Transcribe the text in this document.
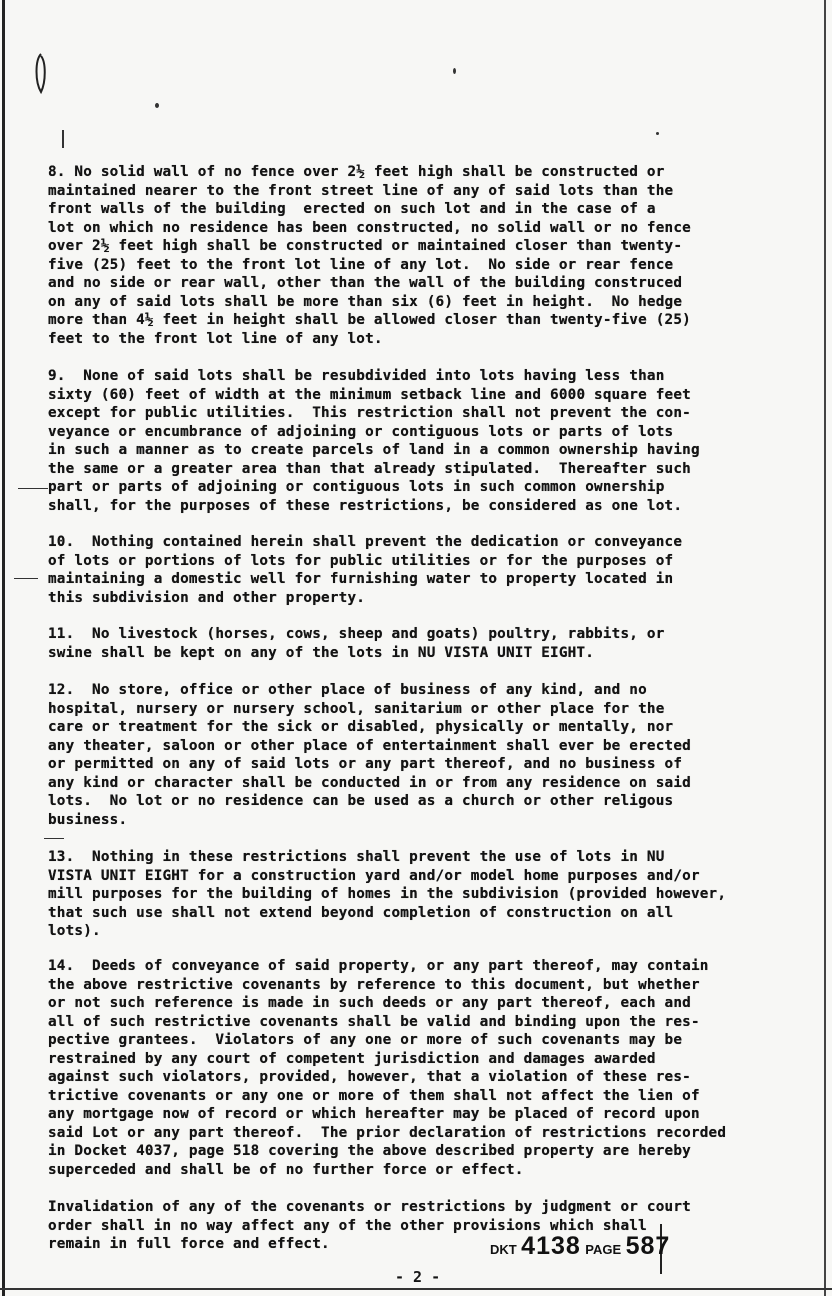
8. No solid wall of no fence over 2½ feet high shall be constructed or
maintained nearer to the front street line of any of said lots than the
front walls of the building  erected on such lot and in the case of a
lot on which no residence has been constructed, no solid wall or no fence
over 2½ feet high shall be constructed or maintained closer than twenty-
five (25) feet to the front lot line of any lot.  No side or rear fence
and no side or rear wall, other than the wall of the building construced
on any of said lots shall be more than six (6) feet in height.  No hedge
more than 4½ feet in height shall be allowed closer than twenty-five (25)
feet to the front lot line of any lot.
9.  None of said lots shall be resubdivided into lots having less than
sixty (60) feet of width at the minimum setback line and 6000 square feet
except for public utilities.  This restriction shall not prevent the con-
veyance or encumbrance of adjoining or contiguous lots or parts of lots
in such a manner as to create parcels of land in a common ownership having
the same or a greater area than that already stipulated.  Thereafter such
part or parts of adjoining or contiguous lots in such common ownership
shall, for the purposes of these restrictions, be considered as one lot.
10.  Nothing contained herein shall prevent the dedication or conveyance
of lots or portions of lots for public utilities or for the purposes of
maintaining a domestic well for furnishing water to property located in
this subdivision and other property.
11.  No livestock (horses, cows, sheep and goats) poultry, rabbits, or
swine shall be kept on any of the lots in NU VISTA UNIT EIGHT.
12.  No store, office or other place of business of any kind, and no
hospital, nursery or nursery school, sanitarium or other place for the
care or treatment for the sick or disabled, physically or mentally, nor
any theater, saloon or other place of entertainment shall ever be erected
or permitted on any of said lots or any part thereof, and no business of
any kind or character shall be conducted in or from any residence on said
lots.  No lot or no residence can be used as a church or other religous
business.
13.  Nothing in these restrictions shall prevent the use of lots in NU
VISTA UNIT EIGHT for a construction yard and/or model home purposes and/or
mill purposes for the building of homes in the subdivision (provided however,
that such use shall not extend beyond completion of construction on all
lots).
14.  Deeds of conveyance of said property, or any part thereof, may contain
the above restrictive covenants by reference to this document, but whether
or not such reference is made in such deeds or any part thereof, each and
all of such restrictive covenants shall be valid and binding upon the res-
pective grantees.  Violators of any one or more of such covenants may be
restrained by any court of competent jurisdiction and damages awarded
against such violators, provided, however, that a violation of these res-
trictive covenants or any one or more of them shall not affect the lien of
any mortgage now of record or which hereafter may be placed of record upon
said Lot or any part thereof.  The prior declaration of restrictions recorded
in Docket 4037, page 518 covering the above described property are hereby
superceded and shall be of no further force or effect.
Invalidation of any of the covenants or restrictions by judgment or court
order shall in no way affect any of the other provisions which shall
remain in full force and effect.	DKT 4138 PAGE 587
- 2 -
